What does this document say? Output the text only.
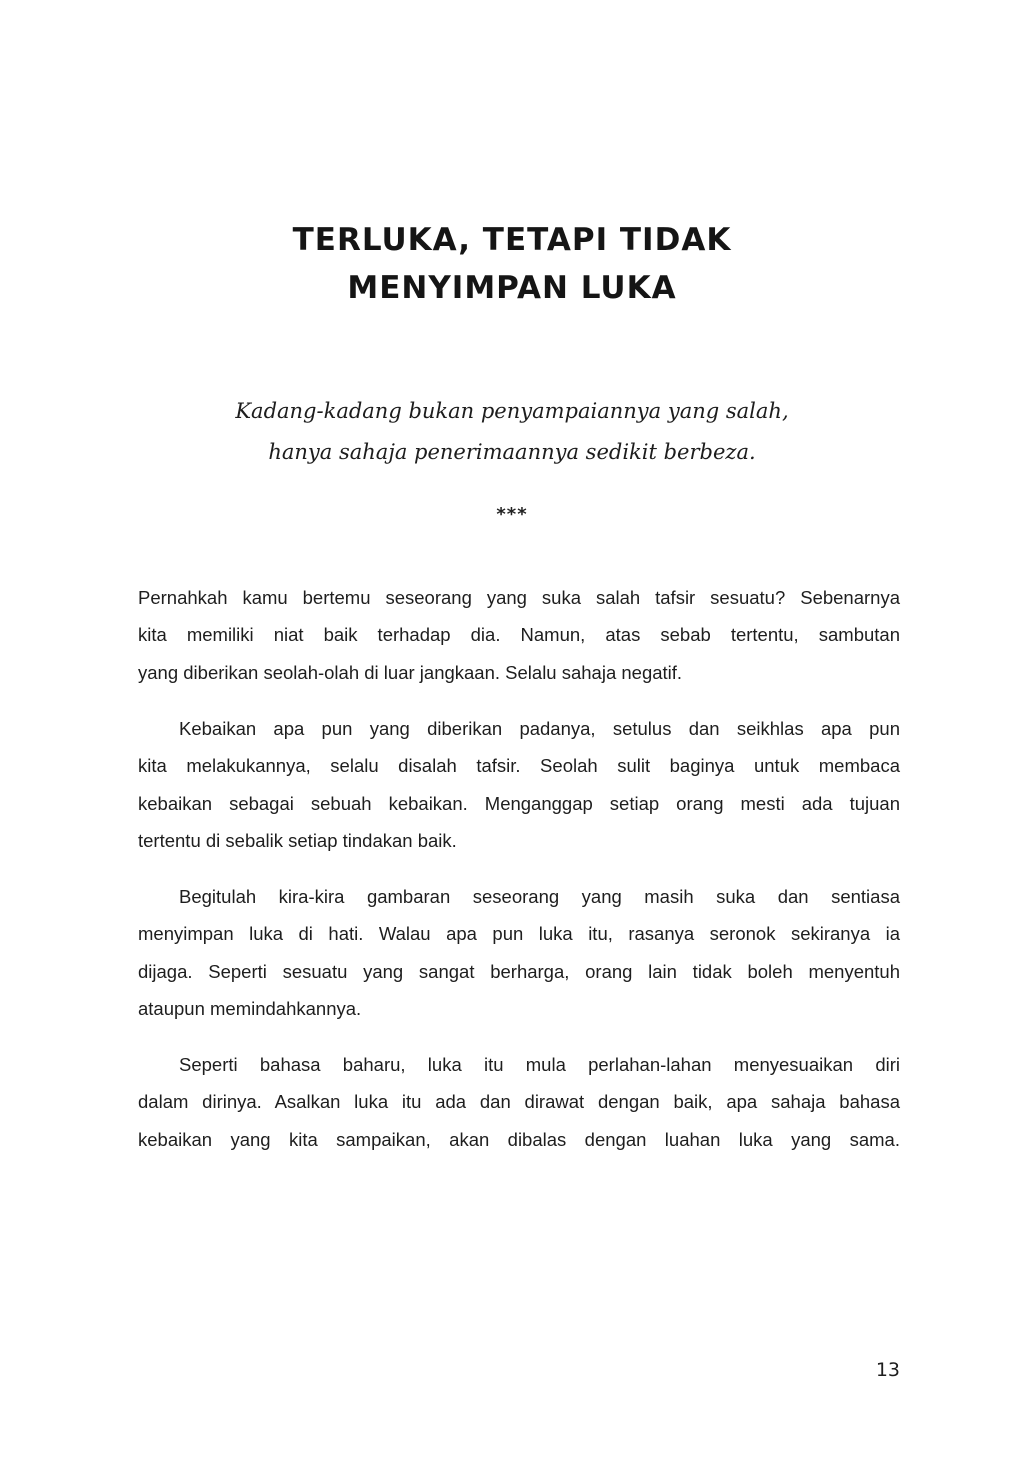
TERLUKA, TETAPI TIDAK
MENYIMPAN LUKA
Kadang-kadang bukan penyampaiannya yang salah,
hanya sahaja penerimaannya sedikit berbeza.
***

Pernahkah kamu bertemu seseorang yang suka salah tafsir sesuatu? Sebenarnya
kita memiliki niat baik terhadap dia. Namun, atas sebab tertentu, sambutan
yang diberikan seolah-olah di luar jangkaan. Selalu sahaja negatif.

Kebaikan apa pun yang diberikan padanya, setulus dan seikhlas apa pun
kita melakukannya, selalu disalah tafsir. Seolah sulit baginya untuk membaca
kebaikan sebagai sebuah kebaikan. Menganggap setiap orang mesti ada tujuan
tertentu di sebalik setiap tindakan baik.

Begitulah kira-kira gambaran seseorang yang masih suka dan sentiasa
menyimpan luka di hati. Walau apa pun luka itu, rasanya seronok sekiranya ia
dijaga. Seperti sesuatu yang sangat berharga, orang lain tidak boleh menyentuh
ataupun memindahkannya.

Seperti bahasa baharu, luka itu mula perlahan-lahan menyesuaikan diri
dalam dirinya. Asalkan luka itu ada dan dirawat dengan baik, apa sahaja bahasa
kebaikan yang kita sampaikan, akan dibalas dengan luahan luka yang sama.

13
